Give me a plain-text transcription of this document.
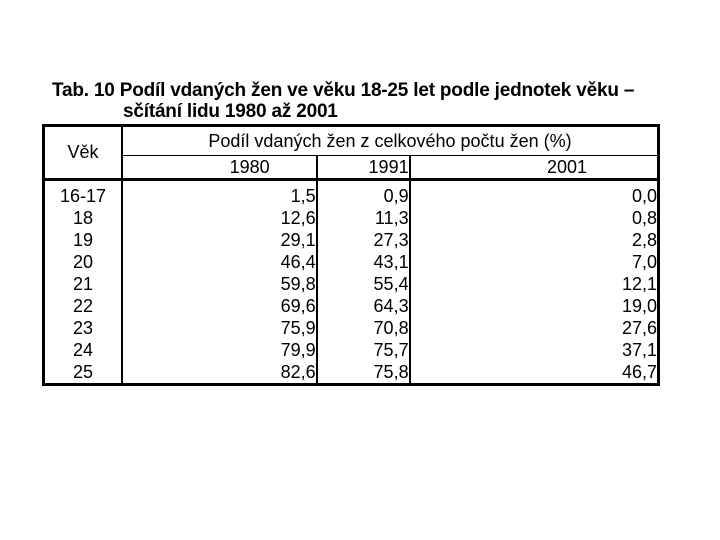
Tab. 10 Podíl vdaných žen ve věku 18-25 let podle jednotek věku –
sčítání lidu 1980 až 2001
Věk	Podíl vdaných žen z celkového počtu žen (%)		
	1980	1991	2001
16-17	1,5	0,9	0,0
18	12,6	11,3	0,8
19	29,1	27,3	2,8
20	46,4	43,1	7,0
21	59,8	55,4	12,1
22	69,6	64,3	19,0
23	75,9	70,8	27,6
24	79,9	75,7	37,1
25	82,6	75,8	46,7
